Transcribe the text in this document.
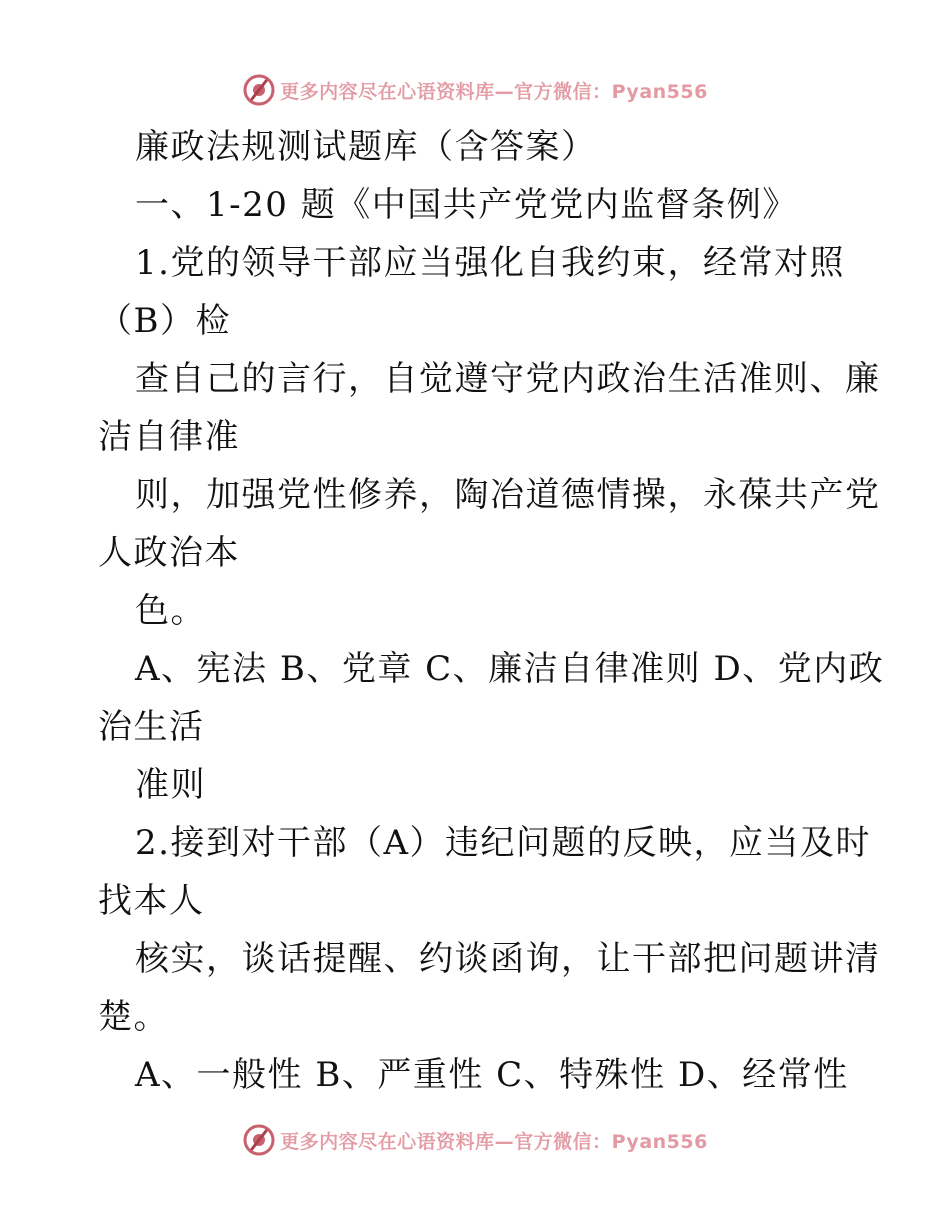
更多内容尽在心语资料库—官方微信：Pyan556
廉政法规测试题库（含答案）
一、1-20 题《中国共产党党内监督条例》
1.党的领导干部应当强化自我约束，经常对照
（B）检
查自己的言行，自觉遵守党内政治生活准则、廉
洁自律准
则，加强党性修养，陶冶道德情操，永葆共产党
人政治本
色。
A、宪法 B、党章 C、廉洁自律准则 D、党内政
治生活
准则
2.接到对干部（A）违纪问题的反映，应当及时
找本人
核实，谈话提醒、约谈函询，让干部把问题讲清
楚。
A、一般性 B、严重性 C、特殊性 D、经常性
更多内容尽在心语资料库—官方微信：Pyan556
